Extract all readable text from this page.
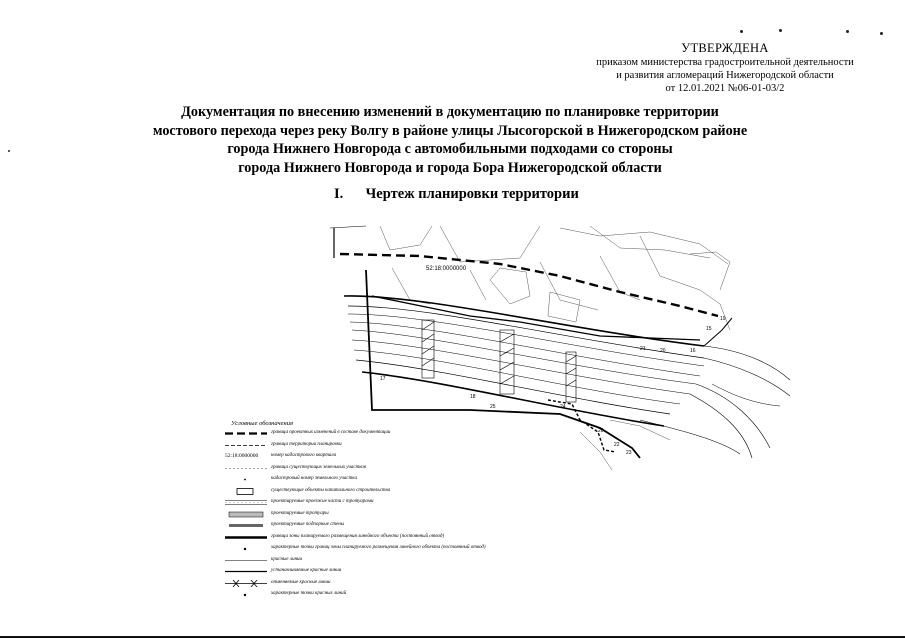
УТВЕРЖДЕНА
приказом министерства градостроительной деятельности
и развития агломераций Нижегородской области
от 12.01.2021 №06-01-03/2
Документация по внесению изменений в документацию по планировке территории
мостового перехода через реку Волгу в районе улицы Лысогорской в Нижегородском районе
города Нижнего Новгорода с автомобильными подходами со стороны
города Нижнего Новгорода и города Бора Нижегородской области
I. Чертеж планировки территории
52:18:0000000
15
16
17
18
19
20
21
22
23
24
25
26
Условные обозначения
граница проектных изменений в составе документации
граница территории планировки
52:18:0000000	номер кадастрового квартала
граница существующих земельных участков
кадастровый номер земельного участка
существующие объекты капитального строительства
проектируемые проезжие части с тротуарами
проектируемые тротуары
проектируемые подпорные стены
граница зоны планируемого размещения линейного объекта (постоянный отвод)
характерные точки границ зоны планируемого размещения линейного объекта (постоянный отвод)
красные линии
устанавливаемые красные линии
отменяемые красные линии
характерные точки красных линий
